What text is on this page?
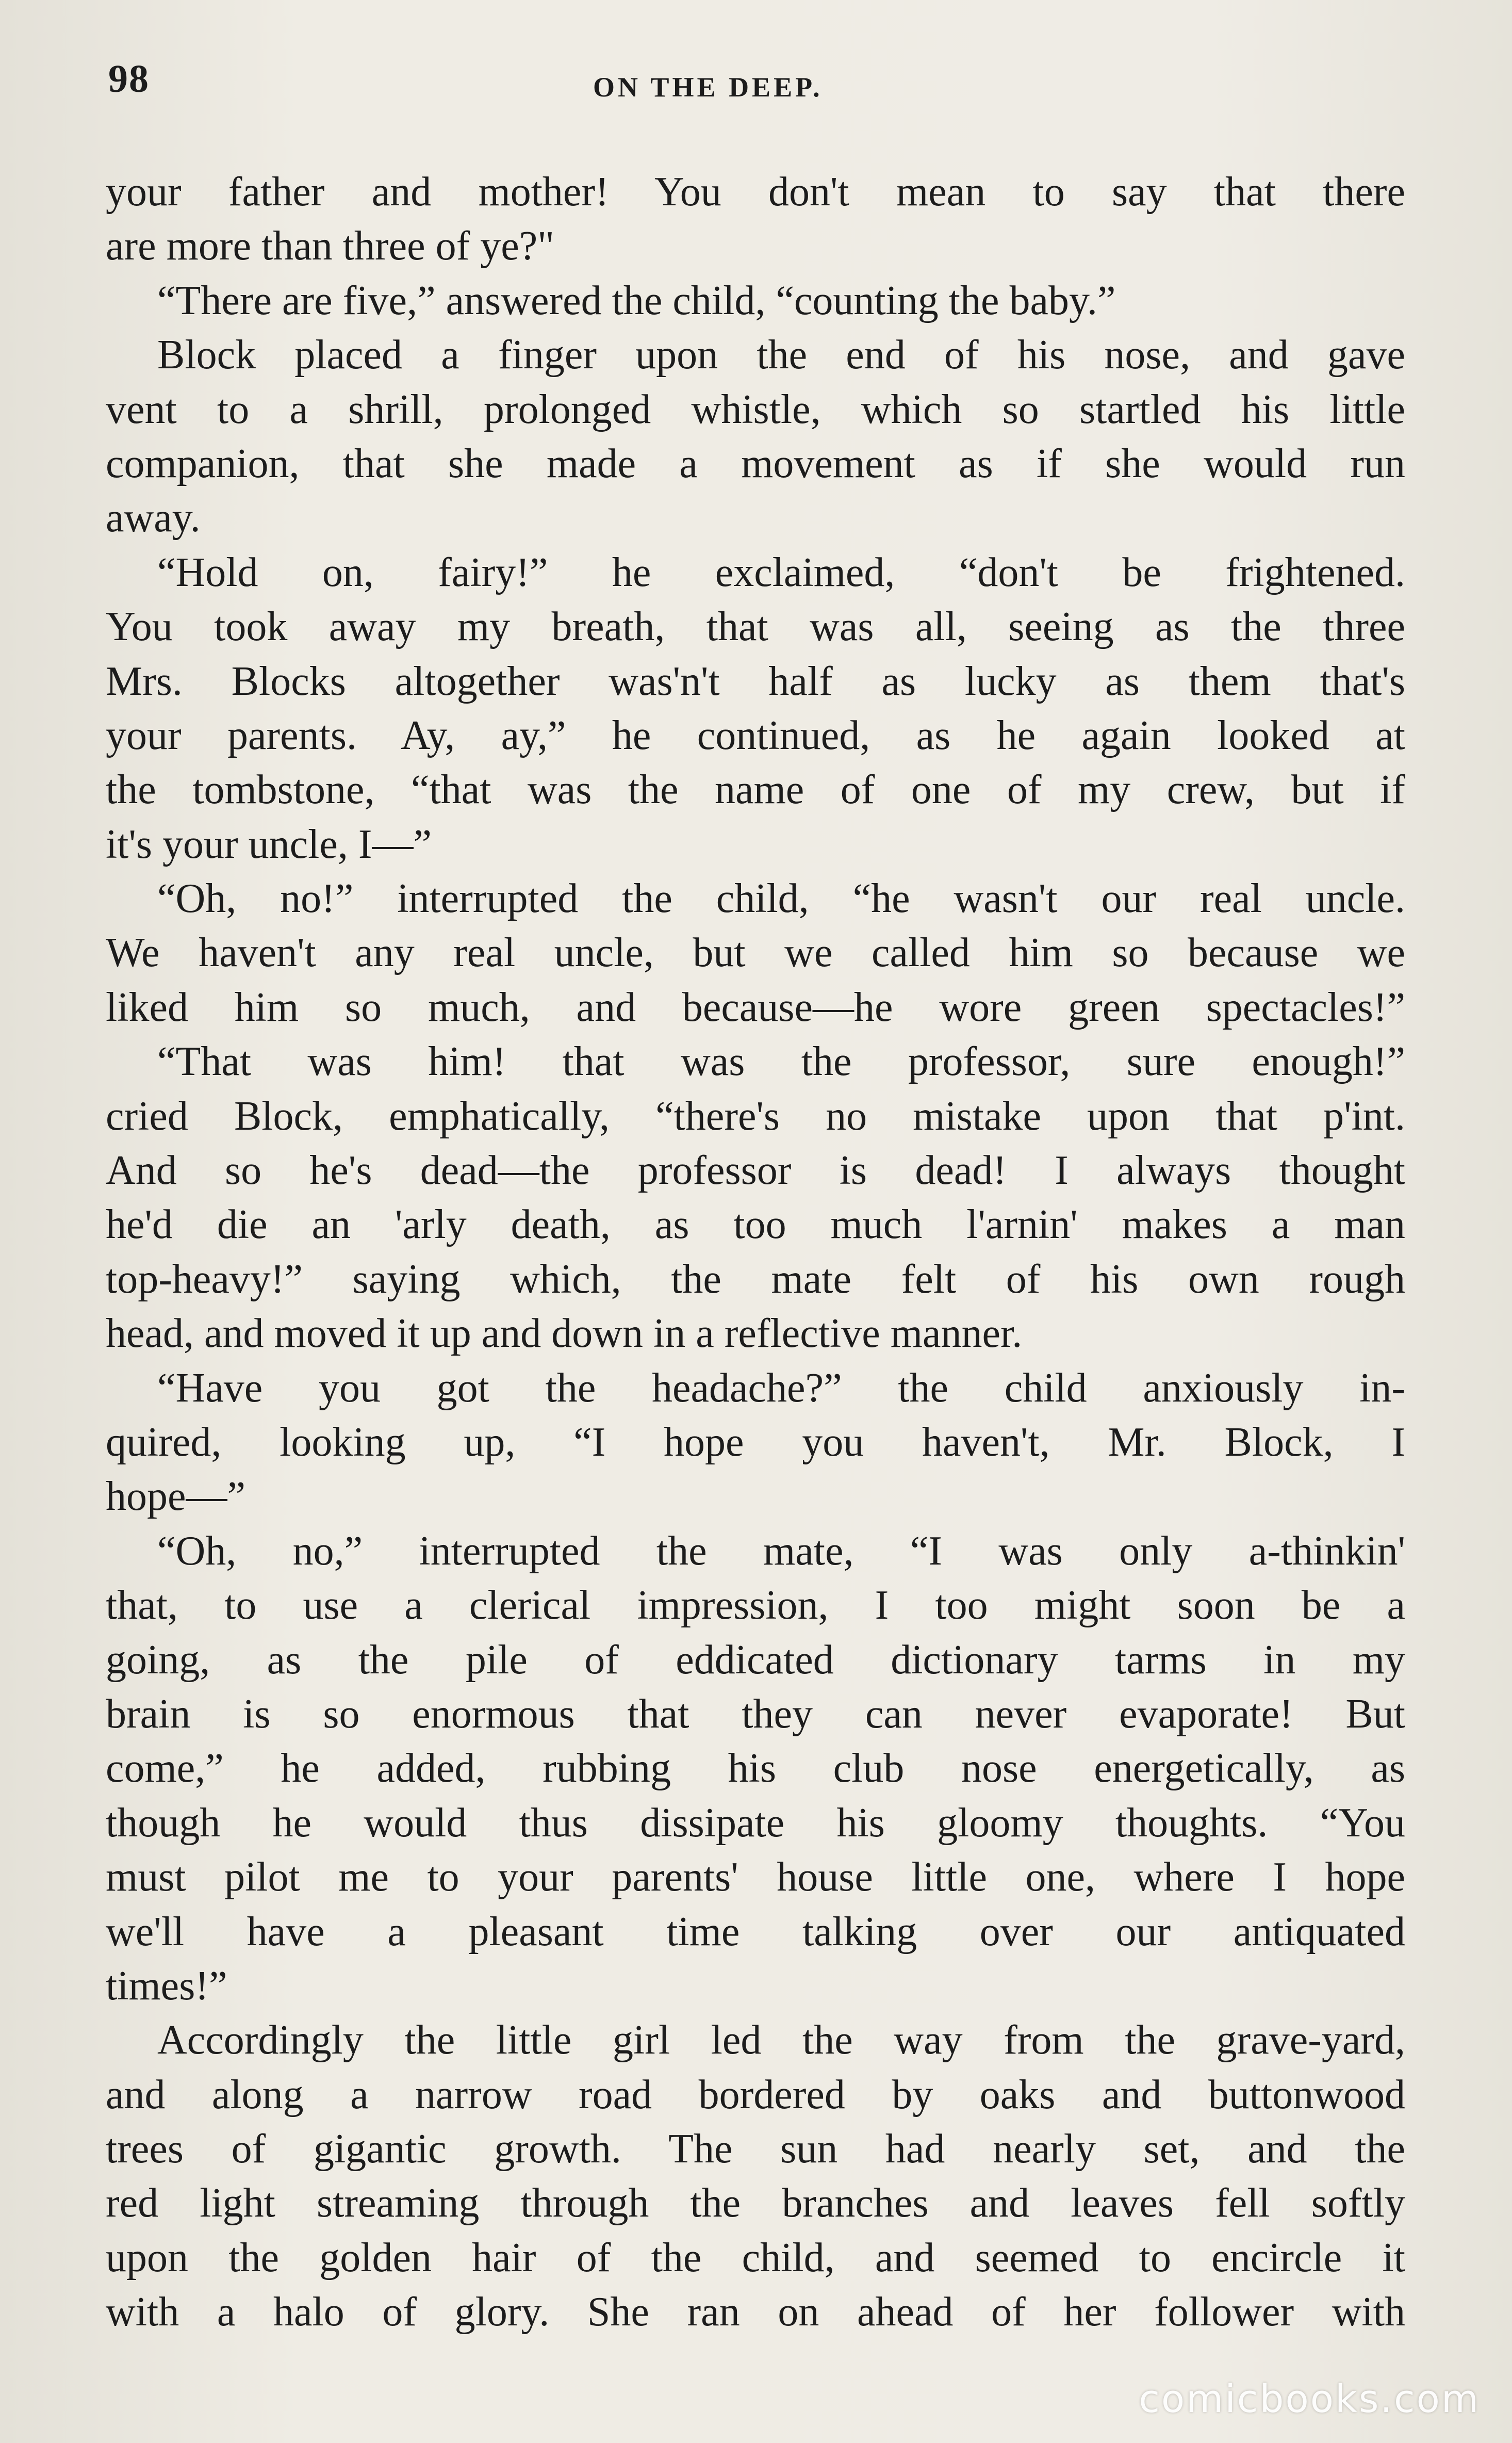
98	ON THE DEEP.
your father and mother! You don't mean to say that there
are more than three of ye?"
“There are five,” answered the child, “counting the baby.”
Block placed a finger upon the end of his nose, and gave
vent to a shrill, prolonged whistle, which so startled his little
companion, that she made a movement as if she would run
away.
“Hold on, fairy!” he exclaimed, “don't be frightened.
You took away my breath, that was all, seeing as the three
Mrs. Blocks altogether was'n't half as lucky as them that's
your parents. Ay, ay,” he continued, as he again looked at
the tombstone, “that was the name of one of my crew, but if
it's your uncle, I—”
“Oh, no!” interrupted the child, “he wasn't our real uncle.
We haven't any real uncle, but we called him so because we
liked him so much, and because—he wore green spectacles!”
“That was him! that was the professor, sure enough!”
cried Block, emphatically, “there's no mistake upon that p'int.
And so he's dead—the professor is dead! I always thought
he'd die an 'arly death, as too much l'arnin' makes a man
top-heavy!” saying which, the mate felt of his own rough
head, and moved it up and down in a reflective manner.
“Have you got the headache?” the child anxiously in-
quired, looking up, “I hope you haven't, Mr. Block, I
hope—”
“Oh, no,” interrupted the mate, “I was only a-thinkin'
that, to use a clerical impression, I too might soon be a
going, as the pile of eddicated dictionary tarms in my
brain is so enormous that they can never evaporate! But
come,” he added, rubbing his club nose energetically, as
though he would thus dissipate his gloomy thoughts. “You
must pilot me to your parents' house little one, where I hope
we'll have a pleasant time talking over our antiquated
times!”
Accordingly the little girl led the way from the grave-yard,
and along a narrow road bordered by oaks and buttonwood
trees of gigantic growth. The sun had nearly set, and the
red light streaming through the branches and leaves fell softly
upon the golden hair of the child, and seemed to encircle it
with a halo of glory. She ran on ahead of her follower with
comicbooks.com
